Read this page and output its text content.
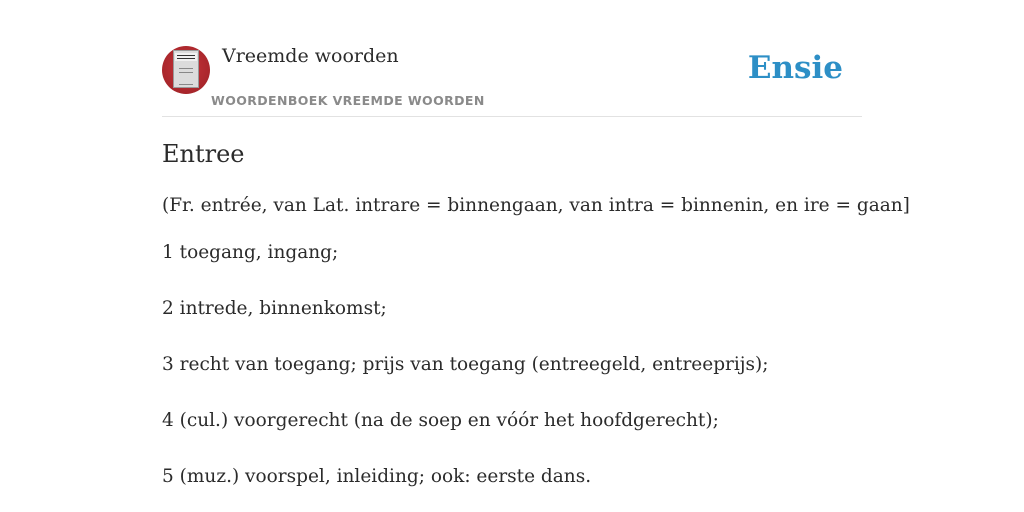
Vreemde woorden
WOORDENBOEK VREEMDE WOORDEN
Ensie
Entree
(Fr. entrée, van Lat. intrare = binnengaan, van intra = binnenin, en ire = gaan]
1 toegang, ingang;
2 intrede, binnenkomst;
3 recht van toegang; prijs van toegang (entreegeld, entreeprijs);
4 (cul.) voorgerecht (na de soep en vóór het hoofdgerecht);
5 (muz.) voorspel, inleiding; ook: eerste dans.
